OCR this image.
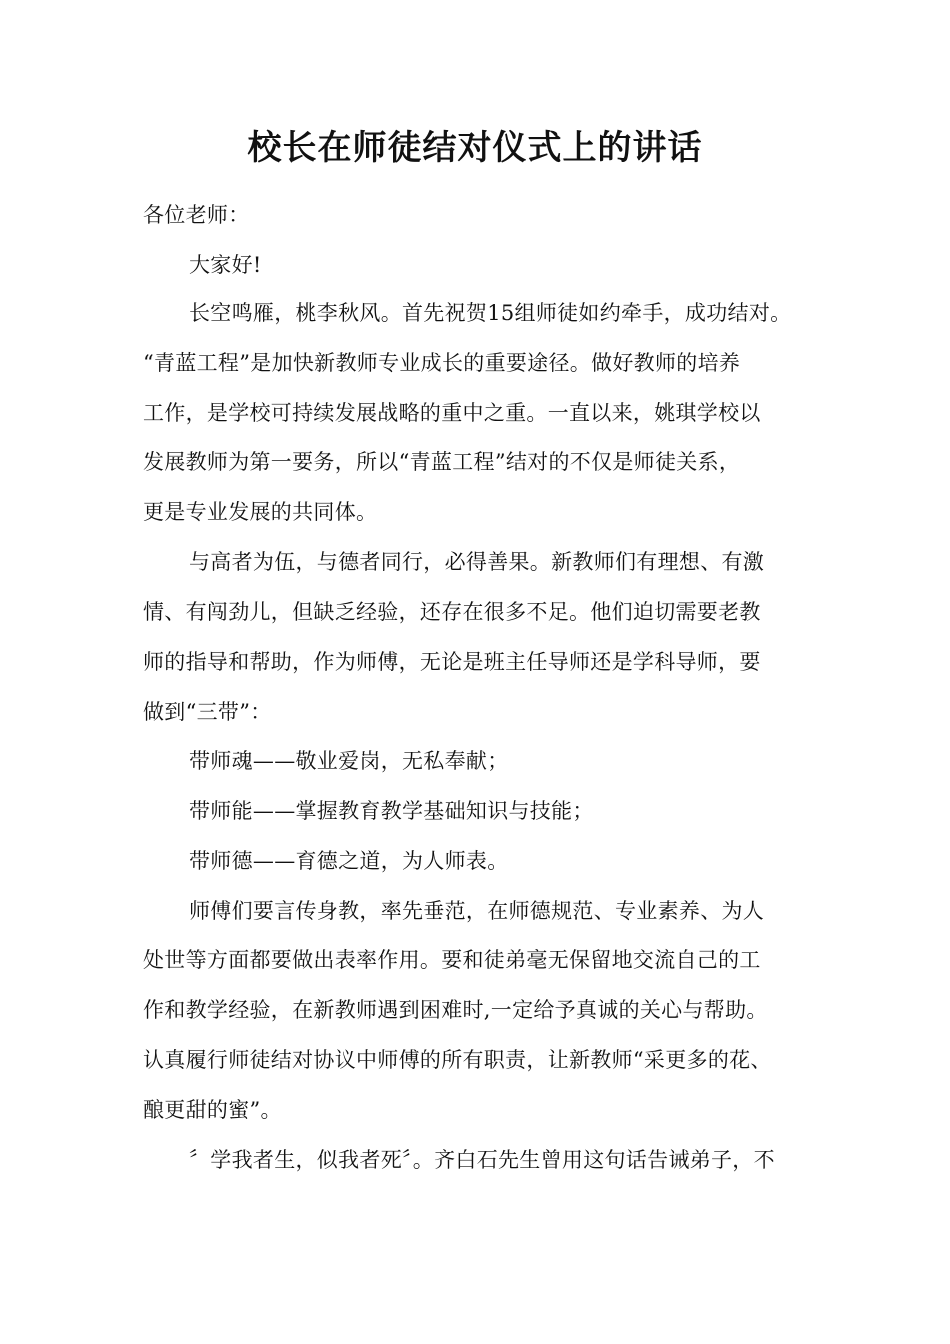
校长在师徒结对仪式上的讲话
各位老师：
大家好!
长空鸣雁，桃李秋风。首先祝贺15组师徒如约牵手，成功结对。
“青蓝工程”是加快新教师专业成长的重要途径。做好教师的培养
工作，是学校可持续发展战略的重中之重。一直以来，姚琪学校以
发展教师为第一要务，所以“青蓝工程”结对的不仅是师徒关系，
更是专业发展的共同体。
与高者为伍，与德者同行，必得善果。新教师们有理想、有激
情、有闯劲儿，但缺乏经验，还存在很多不足。他们迫切需要老教
师的指导和帮助，作为师傅，无论是班主任导师还是学科导师，要
做到“三带”：
带师魂——敬业爱岗，无私奉献；
带师能——掌握教育教学基础知识与技能；
带师德——育德之道，为人师表。
师傅们要言传身教，率先垂范，在师德规范、专业素养、为人
处世等方面都要做出表率作用。要和徒弟毫无保留地交流自己的工
作和教学经验，在新教师遇到困难时,一定给予真诚的关心与帮助。
认真履行师徒结对协议中师傅的所有职责，让新教师“采更多的花、
酿更甜的蜜”。
〞学我者生，似我者死〞。齐白石先生曾用这句话告诫弟子，不
